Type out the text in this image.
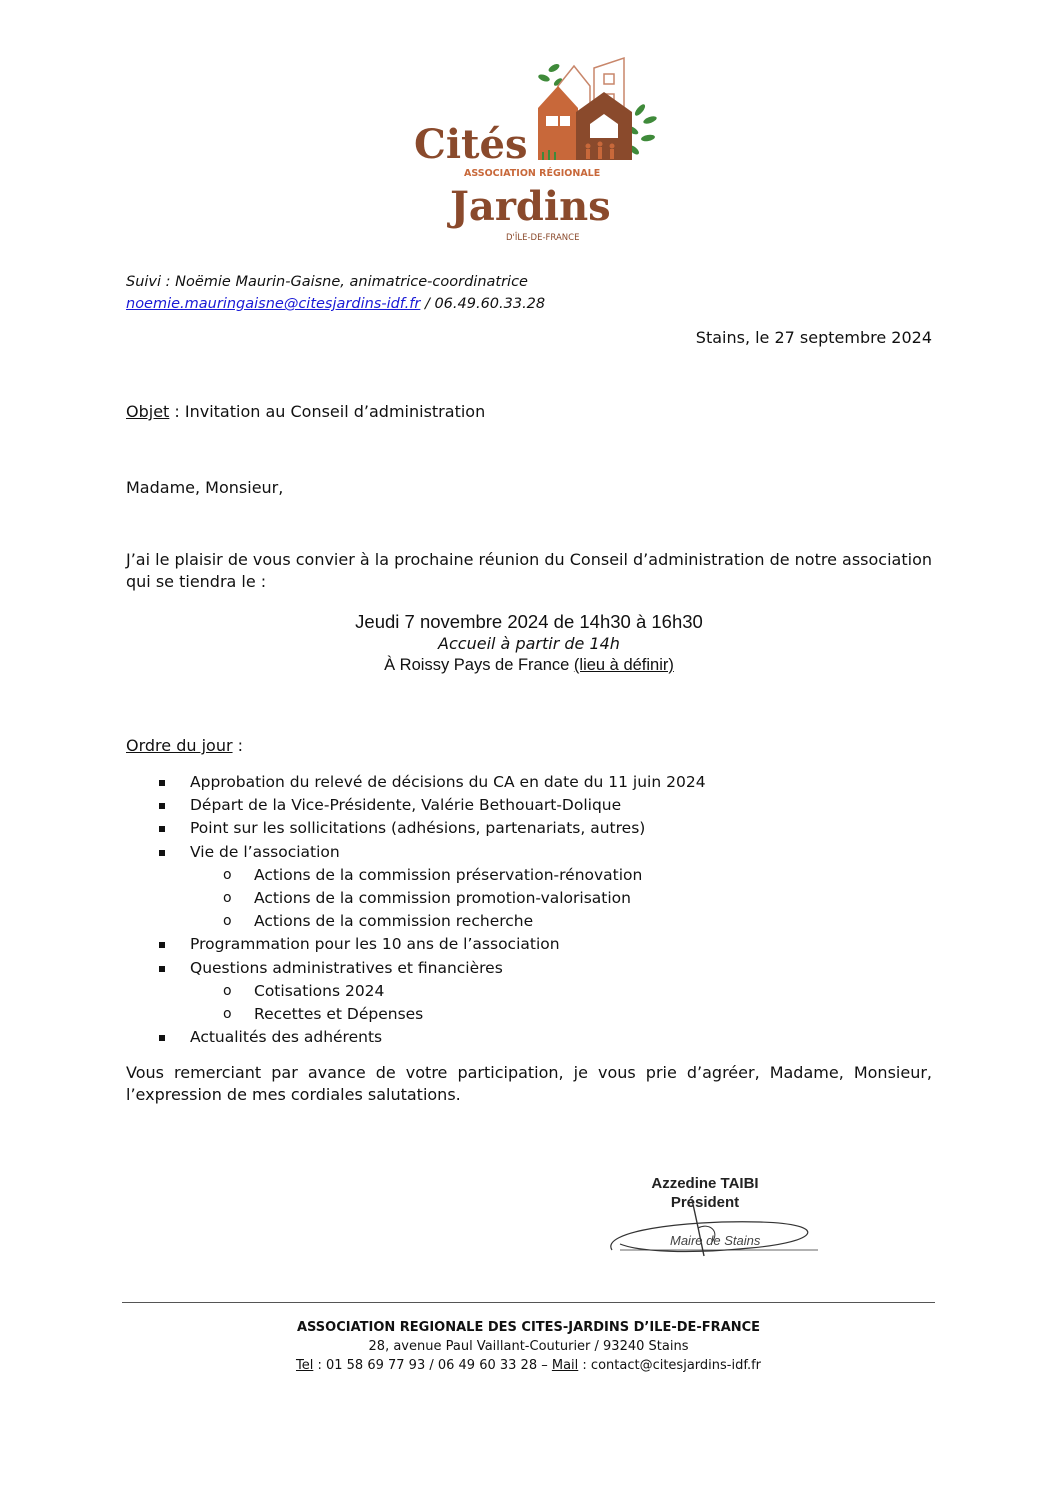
Cités
ASSOCIATION RÉGIONALE
Jardins
D'ÎLE-DE-FRANCE
Suivi : Noëmie Maurin-Gaisne, animatrice-coordinatrice
noemie.mauringaisne@citesjardins-idf.fr / 06.49.60.33.28
Stains, le 27 septembre 2024
Objet : Invitation au Conseil d’administration
Madame, Monsieur,
J’ai le plaisir de vous convier à la prochaine réunion du Conseil d’administration de notre association qui se tiendra le :
Jeudi 7 novembre 2024 de 14h30 à 16h30
Accueil à partir de 14h
À Roissy Pays de France (lieu à définir)
Ordre du jour :
Approbation du relevé de décisions du CA en date du 11 juin 2024
Départ de la Vice-Présidente, Valérie Bethouart-Dolique
Point sur les sollicitations (adhésions, partenariats, autres)
Vie de l’association
o Actions de la commission préservation-rénovation
o Actions de la commission promotion-valorisation
o Actions de la commission recherche
Programmation pour les 10 ans de l’association
Questions administratives et financières
o Cotisations 2024
o Recettes et Dépenses
Actualités des adhérents
Vous remerciant par avance de votre participation, je vous prie d’agréer, Madame, Monsieur, l’expression de mes cordiales salutations.
Azzedine TAIBI
Président
Maire de Stains
ASSOCIATION REGIONALE DES CITES-JARDINS D’ILE-DE-FRANCE
28, avenue Paul Vaillant-Couturier / 93240 Stains
Tel : 01 58 69 77 93 / 06 49 60 33 28 – Mail : contact@citesjardins-idf.fr
